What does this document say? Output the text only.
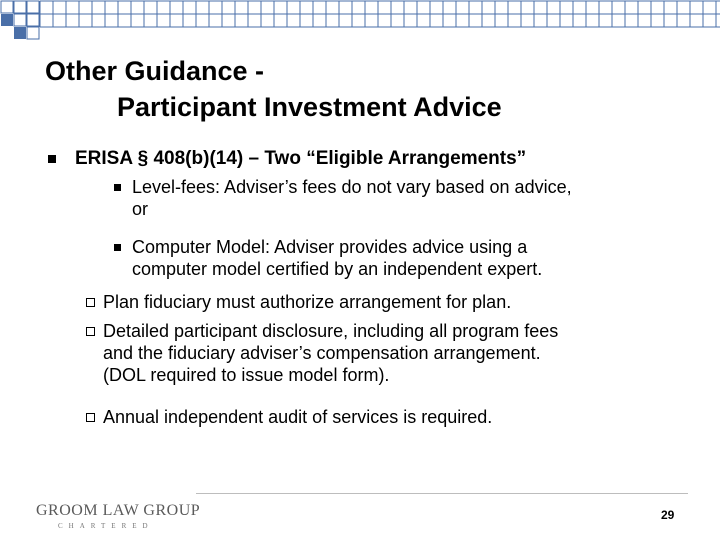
Other Guidance -
Participant Investment Advice
ERISA § 408(b)(14) – Two “Eligible Arrangements”
Level-fees: Adviser’s fees do not vary based on advice,
or
Computer Model: Adviser provides advice using a
computer model certified by an independent expert.
Plan fiduciary must authorize arrangement for plan.
Detailed participant disclosure, including all program fees
and the fiduciary adviser’s compensation arrangement.
(DOL required to issue model form).
Annual independent audit of services is required.
GROOM LAW GROUP
CHARTERED
29
